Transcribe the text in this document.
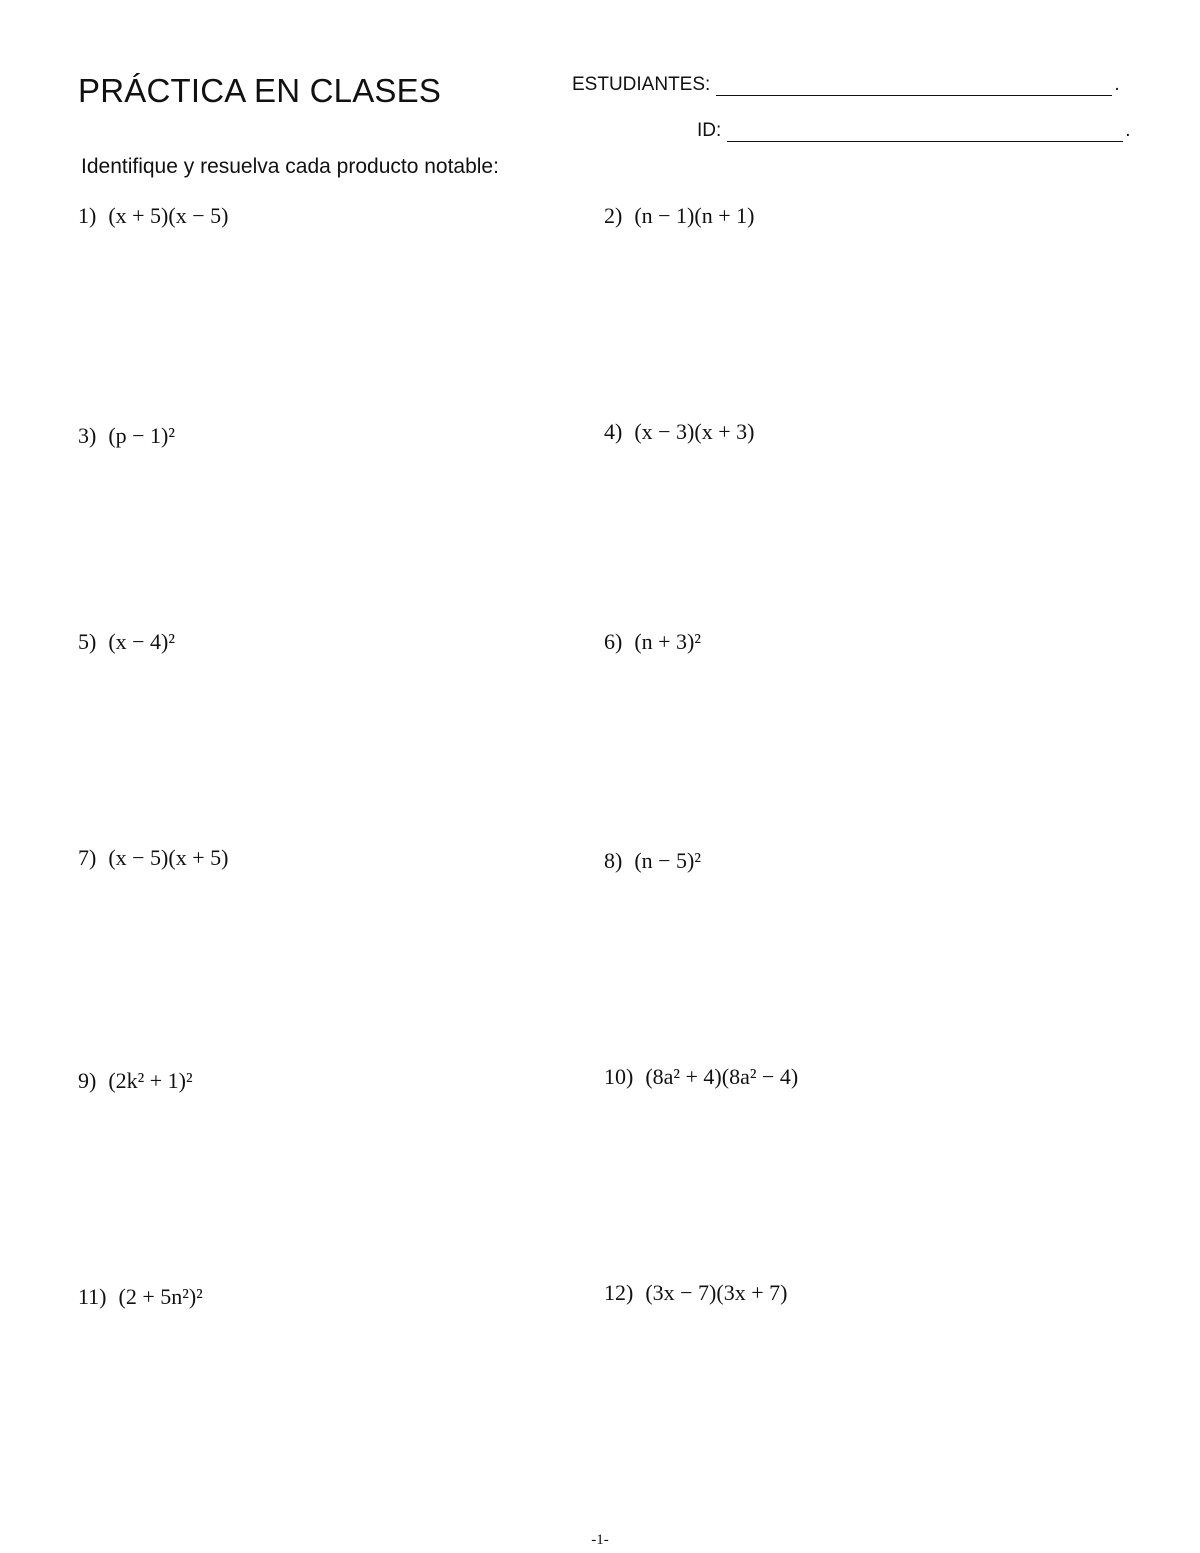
PRÁCTICA EN CLASES	ESTUDIANTES:	.
ID:	.
Identifique y resuelva cada producto notable:
1) (x + 5)(x − 5)	2) (n − 1)(n + 1)
3) (p − 1)²	4) (x − 3)(x + 3)
5) (x − 4)²	6) (n + 3)²
7) (x − 5)(x + 5)	8) (n − 5)²
9) (2k² + 1)²	10) (8a² + 4)(8a² − 4)
11) (2 + 5n²)²	12) (3x − 7)(3x + 7)
-1-
